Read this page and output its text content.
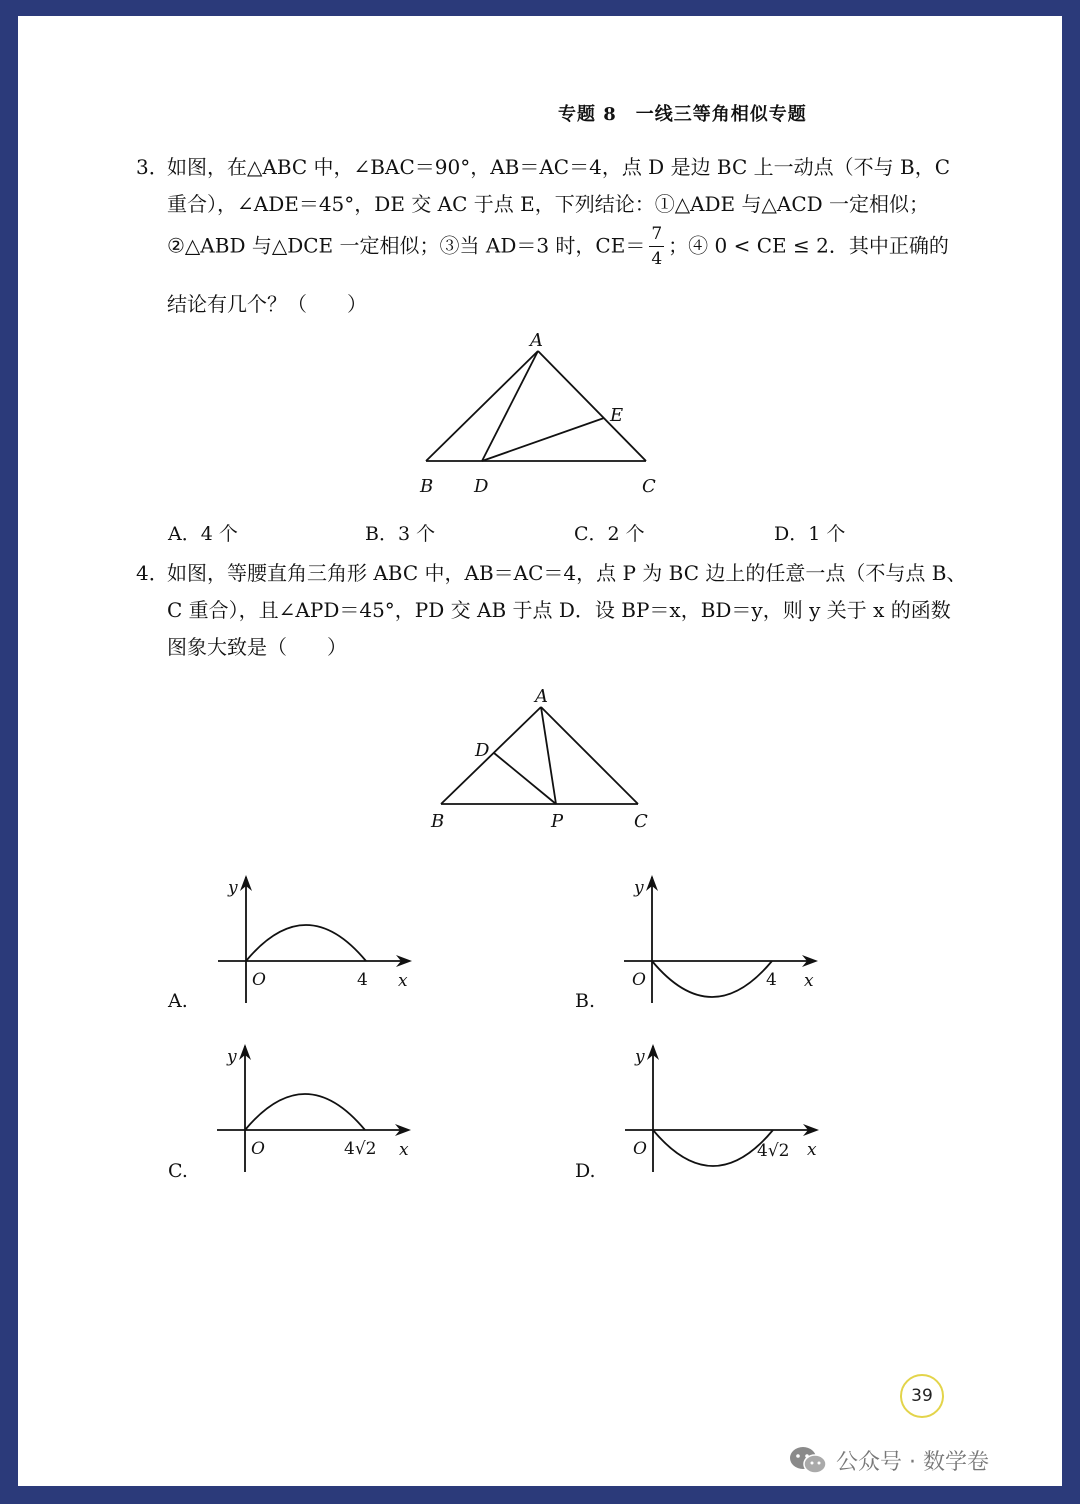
专题 8　一线三等角相似专题
3．
如图，在△ABC 中，∠BAC＝90°，AB＝AC＝4，点 D 是边 BC 上一动点（不与 B，C
重合），∠ADE＝45°，DE 交 AC 于点 E，下列结论：①△ADE 与△ACD 一定相似；
②△ABD 与△DCE 一定相似；③当 AD＝3 时，$CE= \frac{7}{4}$ ；④ 0 < CE ≤ 2．其中正确的
结论有几个？（　　）
A
B	C
D
E
A．4 个	B．3 个	C．2 个	D．1 个
4．
如图，等腰直角三角形 ABC 中，AB＝AC＝4，点 P 为 BC 边上的任意一点（不与点 B、
C 重合），且∠APD＝45°，PD 交 AB 于点 D．设 BP＝x，BD＝y，则 y 关于 x 的函数
图象大致是（　　）
A
B	C
D
P
A.
y
x
O	4
B.
y
x
O	4
C.
y
x
O	4√2
D.
y
x
O	4√2
39
公众号 · 数学卷
